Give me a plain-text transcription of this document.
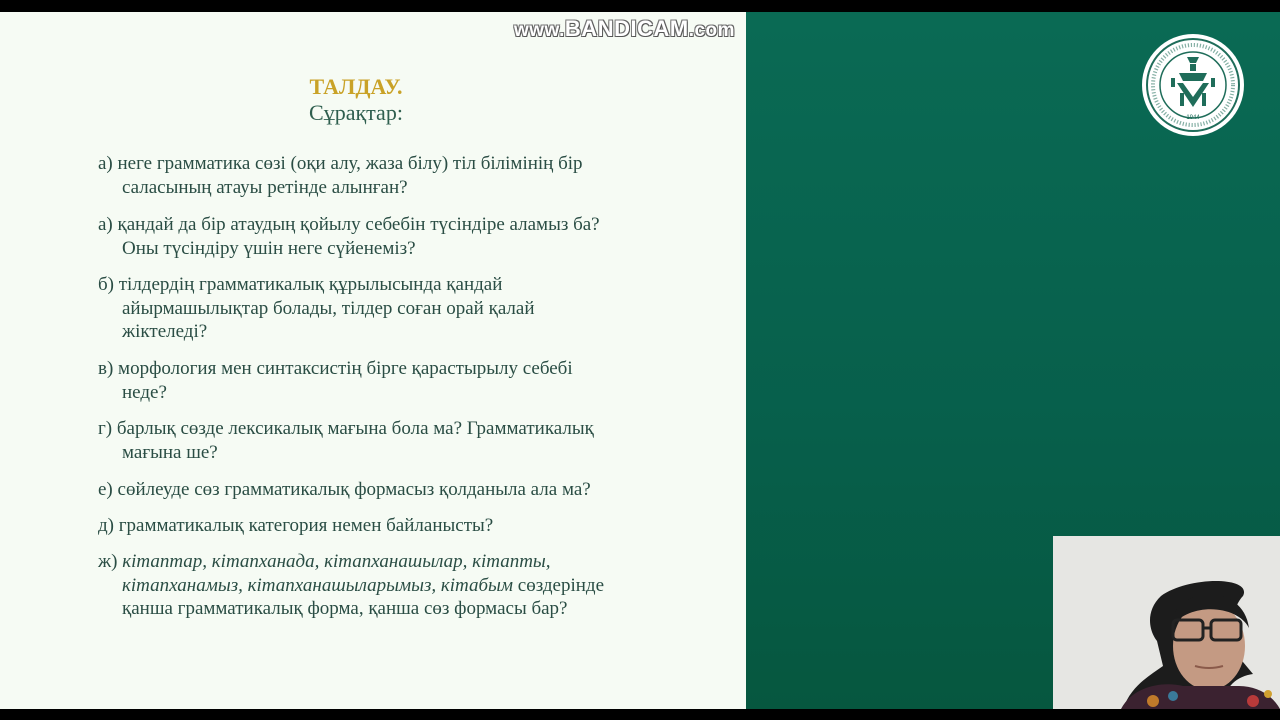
www.BANDICAM.com
ТАЛДАУ.
Сұрақтар:
а) неге грамматика сөзі (оқи алу, жаза білу) тіл білімінің бір
саласының атауы ретінде алынған?
а) қандай да бір атаудың қойылу себебін түсіндіре аламыз ба?
Оны түсіндіру үшін неге сүйенеміз?
б) тілдердің грамматикалық құрылысында қандай
айырмашылықтар болады, тілдер соған орай қалай
жіктеледі?
в) морфология мен синтаксистің бірге қарастырылу себебі
неде?
г) барлық сөзде лексикалық мағына бола ма? Грамматикалық
мағына ше?
е) сөйлеуде сөз грамматикалық формасыз қолданыла ала ма?
д) грамматикалық категория немен байланысты?
ж) кітаптар, кітапханада, кітапханашылар, кітапты,
кітапханамыз, кітапханашыларымыз, кітабым сөздерінде
қанша грамматикалық форма, қанша сөз формасы бар?
1944
